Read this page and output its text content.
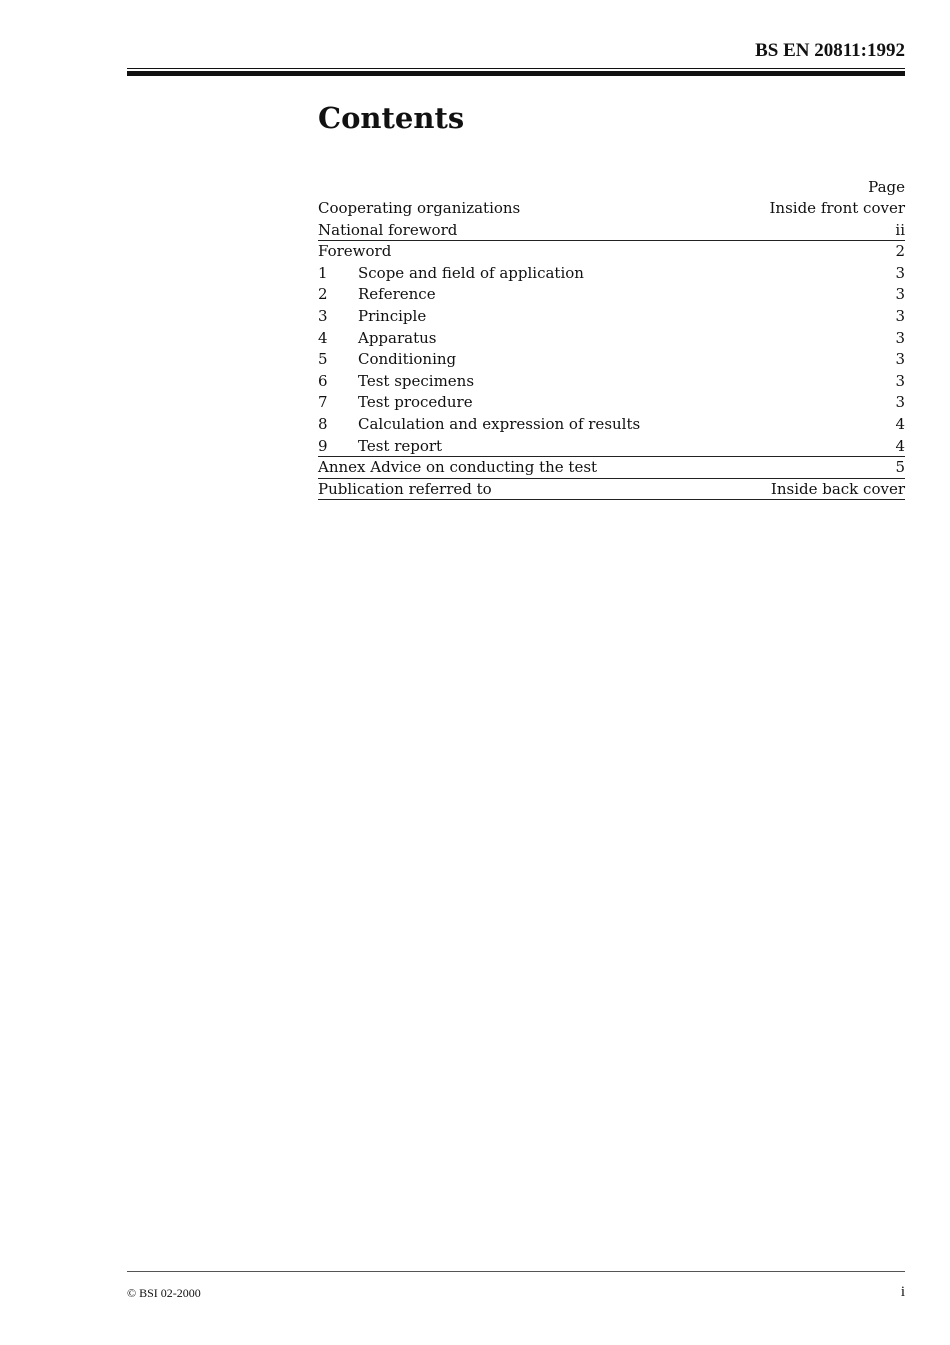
BS EN 20811:1992
Contents
Page
Cooperating organizations	Inside front cover
National foreword	ii
Foreword	2
1	Scope and field of application	3
2	Reference	3
3	Principle	3
4	Apparatus	3
5	Conditioning	3
6	Test specimens	3
7	Test procedure	3
8	Calculation and expression of results	4
9	Test report	4
Annex Advice on conducting the test	5
Publication referred to	Inside back cover
© BSI 02-2000	i
